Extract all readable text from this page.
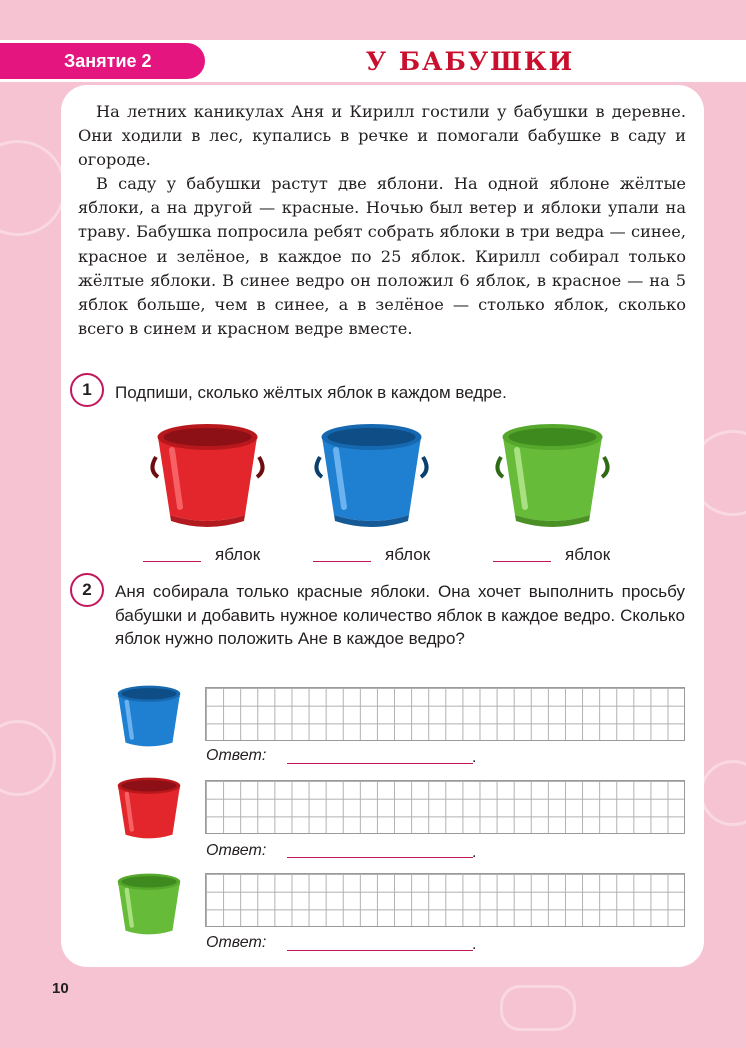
Занятие 2	У БАБУШКИ

На летних каникулах Аня и Кирилл гостили у бабушки в деревне. Они ходили в лес, купались в речке и помогали бабушке в саду и огороде.

В саду у бабушки растут две яблони. На одной яблоне жёлтые яблоки, а на другой — красные. Ночью был ветер и яблоки упали на траву. Бабушка попросила ребят собрать яблоки в три ведра — синее, красное и зелёное, в каждое по 25 яблок. Кирилл собирал только жёлтые яблоки. В синее ведро он положил 6 яблок, в красное — на 5 яблок больше, чем в синее, а в зелёное — столько яблок, сколько всего в синем и красном ведре вместе.

1	Подпиши, сколько жёлтых яблок в каждом ведре.

яблок	яблок	яблок
2	Аня собирала только красные яблоки. Она хочет выполнить просьбу бабушки и добавить нужное количество яблок в каждое ведро. Сколько яблок нужно положить Ане в каждое ведро?

Ответ:	.
Ответ:	.
Ответ:	.
10
